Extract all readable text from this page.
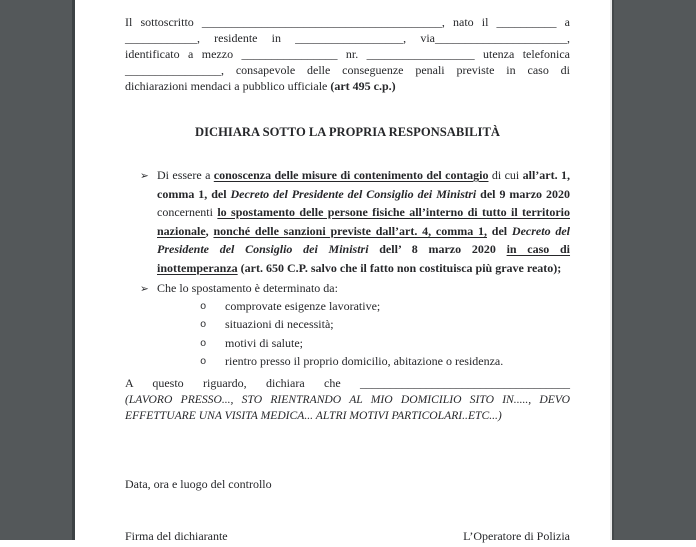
Il sottoscritto ________________________________________, nato il __________ a
____________, residente in __________________, via______________________,
identificato a mezzo ________________ nr. __________________ utenza telefonica
________________, consapevole delle conseguenze penali previste in caso di
dichiarazioni mendaci a pubblico ufficiale (art 495 c.p.)
DICHIARA SOTTO LA PROPRIA RESPONSABILITÀ
➢ Di essere a conoscenza delle misure di contenimento del contagio di cui all’art. 1,
comma 1, del Decreto del Presidente del Consiglio dei Ministri del 9 marzo 2020
concernenti lo spostamento delle persone fisiche all’interno di tutto il territorio
nazionale, nonché delle sanzioni previste dall’art. 4, comma 1, del Decreto del
Presidente del Consiglio dei Ministri dell’ 8 marzo 2020 in caso di
inottemperanza (art. 650 C.P. salvo che il fatto non costituisca più grave reato);
➢ Che lo spostamento è determinato da:
o comprovate esigenze lavorative;
o situazioni di necessità;
o motivi di salute;
o rientro presso il proprio domicilio, abitazione o residenza.
A questo riguardo, dichiara che ___________________________________
(LAVORO PRESSO..., STO RIENTRANDO AL MIO DOMICILIO SITO IN....., DEVO
EFFETTUARE UNA VISITA MEDICA... ALTRI MOTIVI PARTICOLARI..ETC...)
Data, ora e luogo del controllo
Firma del dichiarante	L’Operatore di Polizia
